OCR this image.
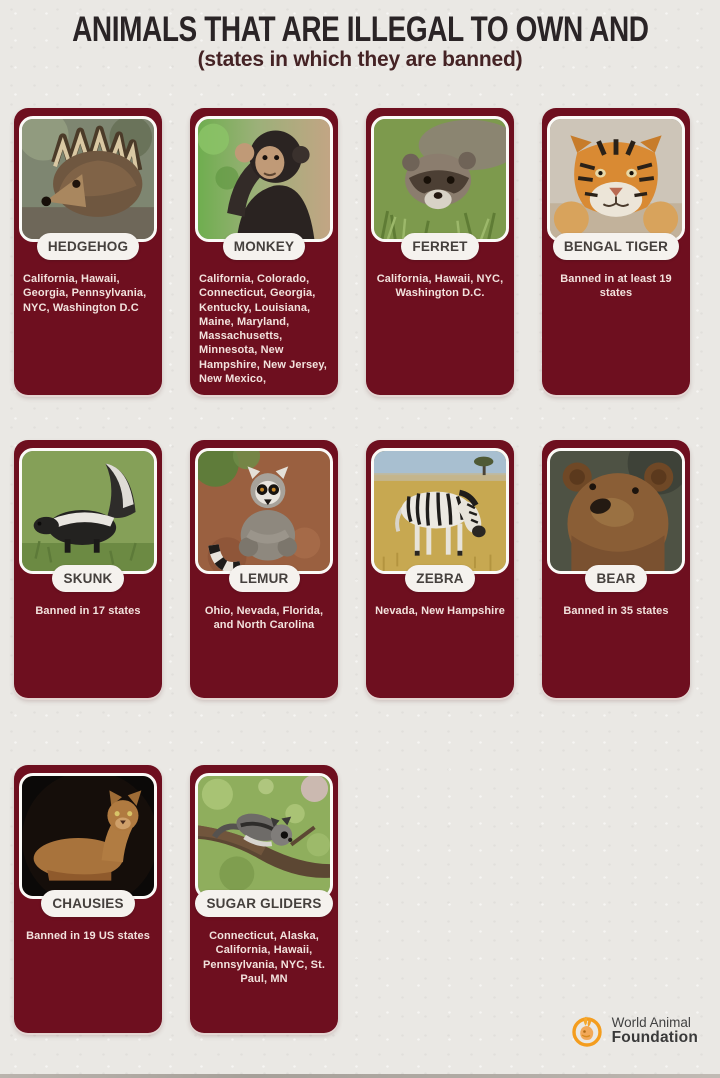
ANIMALS THAT ARE ILLEGAL TO OWN AND
(states in which they are banned)
HEDGEHOG
California, Hawaii, Georgia, Pennsylvania, NYC, Washington D.C
MONKEY
California, Colorado, Connecticut, Georgia, Kentucky, Louisiana, Maine, Maryland, Massachusetts, Minnesota, New Hampshire, New Jersey, New Mexico,
FERRET
California, Hawaii, NYC, Washington D.C.
BENGAL TIGER
Banned in at least 19 states
SKUNK
Banned in 17 states
LEMUR
Ohio, Nevada, Florida, and North Carolina
ZEBRA
Nevada, New Hampshire
BEAR
Banned in 35 states
CHAUSIES
Banned in 19 US states
SUGAR GLIDERS
Connecticut, Alaska, California, Hawaii, Pennsylvania, NYC, St. Paul, MN
World Animal
Foundation
